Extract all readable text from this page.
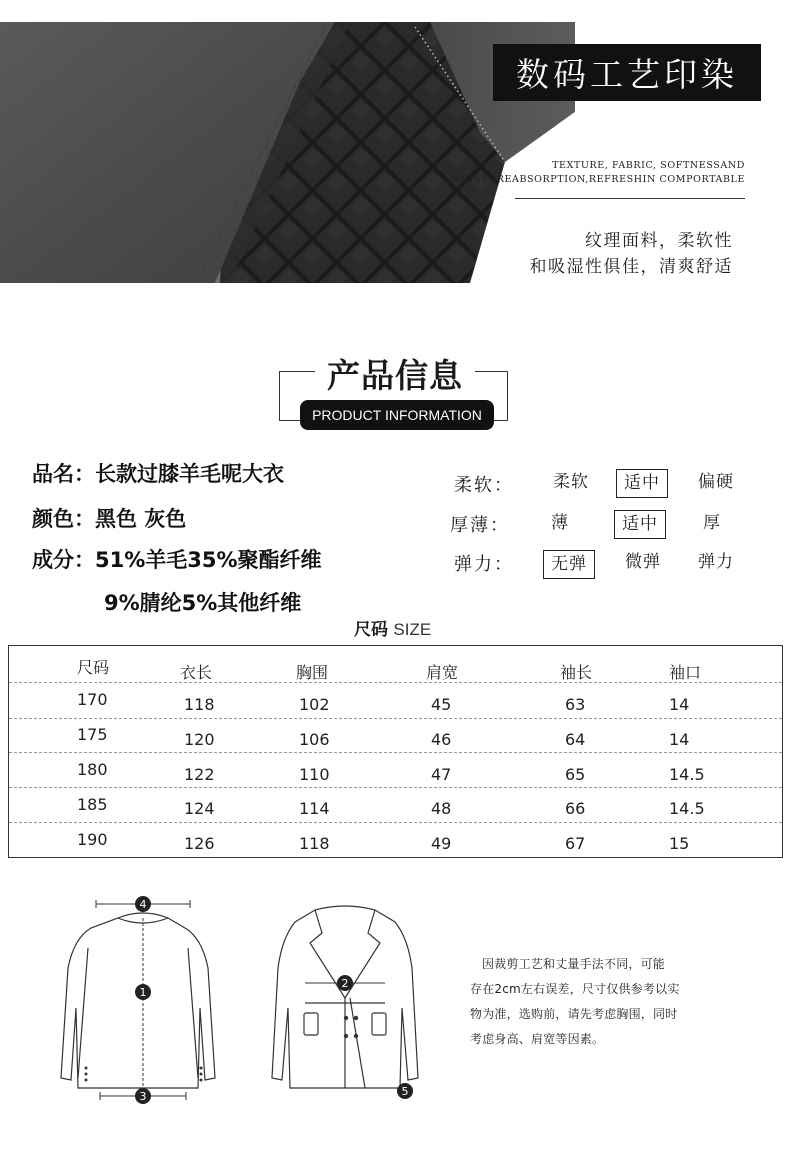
数码工艺印染
TEXTURE, FABRIC, SOFTNESSAND
MOISTUREABSORPTION,REFRESHIN COMPORTABLE
纹理面料，柔软性
和吸湿性俱佳，清爽舒适
产品信息
PRODUCT INFORMATION
品名：长款过膝羊毛呢大衣
颜色：黑色 灰色
成分：51%羊毛35%聚酯纤维
9%腈纶5%其他纤维
柔软：	柔软	适中	偏硬
厚薄：	薄	适中	厚
弹力：	无弹	微弹	弹力
尺码 SIZE
尺码	衣长	胸围	肩宽	袖长	袖口
170	118	102	45	63	14
175	120	106	46	64	14
180	122	110	47	65	14.5
185	124	114	48	66	14.5
190	126	118	49	67	15
4
1
3
2
5
因裁剪工艺和丈量手法不同，可能
存在2cm左右误差，尺寸仅供参考以实
物为准，选购前，请先考虑胸围，同时
考虑身高、肩宽等因素。
